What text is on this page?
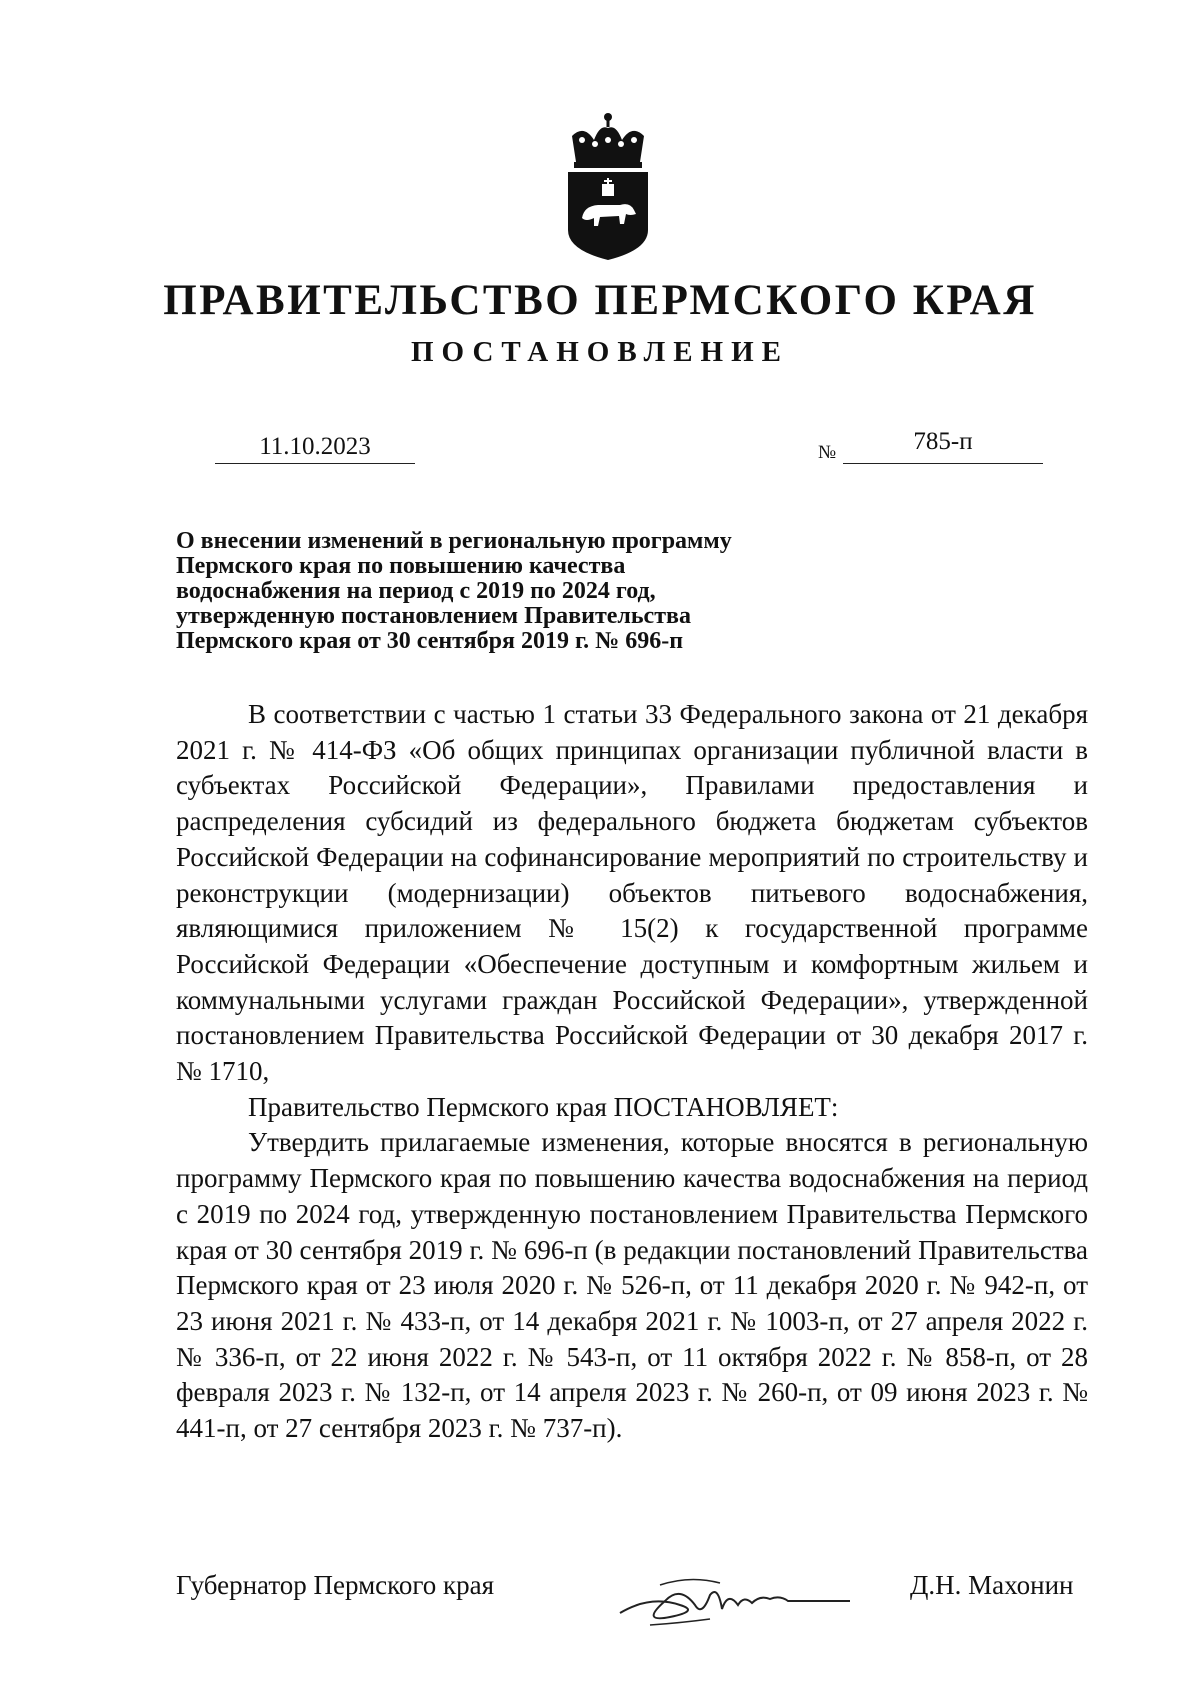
ПРАВИТЕЛЬСТВО ПЕРМСКОГО КРАЯ
ПОСТАНОВЛЕНИЕ
11.10.2023	№	785-п
О внесении изменений в региональную программу
Пермского края по повышению качества
водоснабжения на период с 2019 по 2024 год,
утвержденную постановлением Правительства
Пермского края от 30 сентября 2019 г. № 696-п

В соответствии с частью 1 статьи 33 Федерального закона от 21 декабря 2021 г. № 414-ФЗ «Об общих принципах организации публичной власти в субъектах Российской Федерации», Правилами предоставления и распределения субсидий из федерального бюджета бюджетам субъектов Российской Федерации на софинансирование мероприятий по строительству и реконструкции (модернизации) объектов питьевого водоснабжения, являющимися приложением № 15(2) к государственной программе Российской Федерации «Обеспечение доступным и комфортным жильем и коммунальными услугами граждан Российской Федерации», утвержденной постановлением Правительства Российской Федерации от 30 декабря 2017 г. № 1710,

Правительство Пермского края ПОСТАНОВЛЯЕТ:

Утвердить прилагаемые изменения, которые вносятся в региональную программу Пермского края по повышению качества водоснабжения на период с 2019 по 2024 год, утвержденную постановлением Правительства Пермского края от 30 сентября 2019 г. № 696-п (в редакции постановлений Правительства Пермского края от 23 июля 2020 г. № 526-п, от 11 декабря 2020 г. № 942-п, от 23 июня 2021 г. № 433-п, от 14 декабря 2021 г. № 1003-п, от 27 апреля 2022 г. № 336-п, от 22 июня 2022 г. № 543-п, от 11 октября 2022 г. № 858-п, от 28 февраля 2023 г. № 132-п, от 14 апреля 2023 г. № 260-п, от 09 июня 2023 г. № 441-п, от 27 сентября 2023 г. № 737-п).

Губернатор Пермского края	Д.Н. Махонин
